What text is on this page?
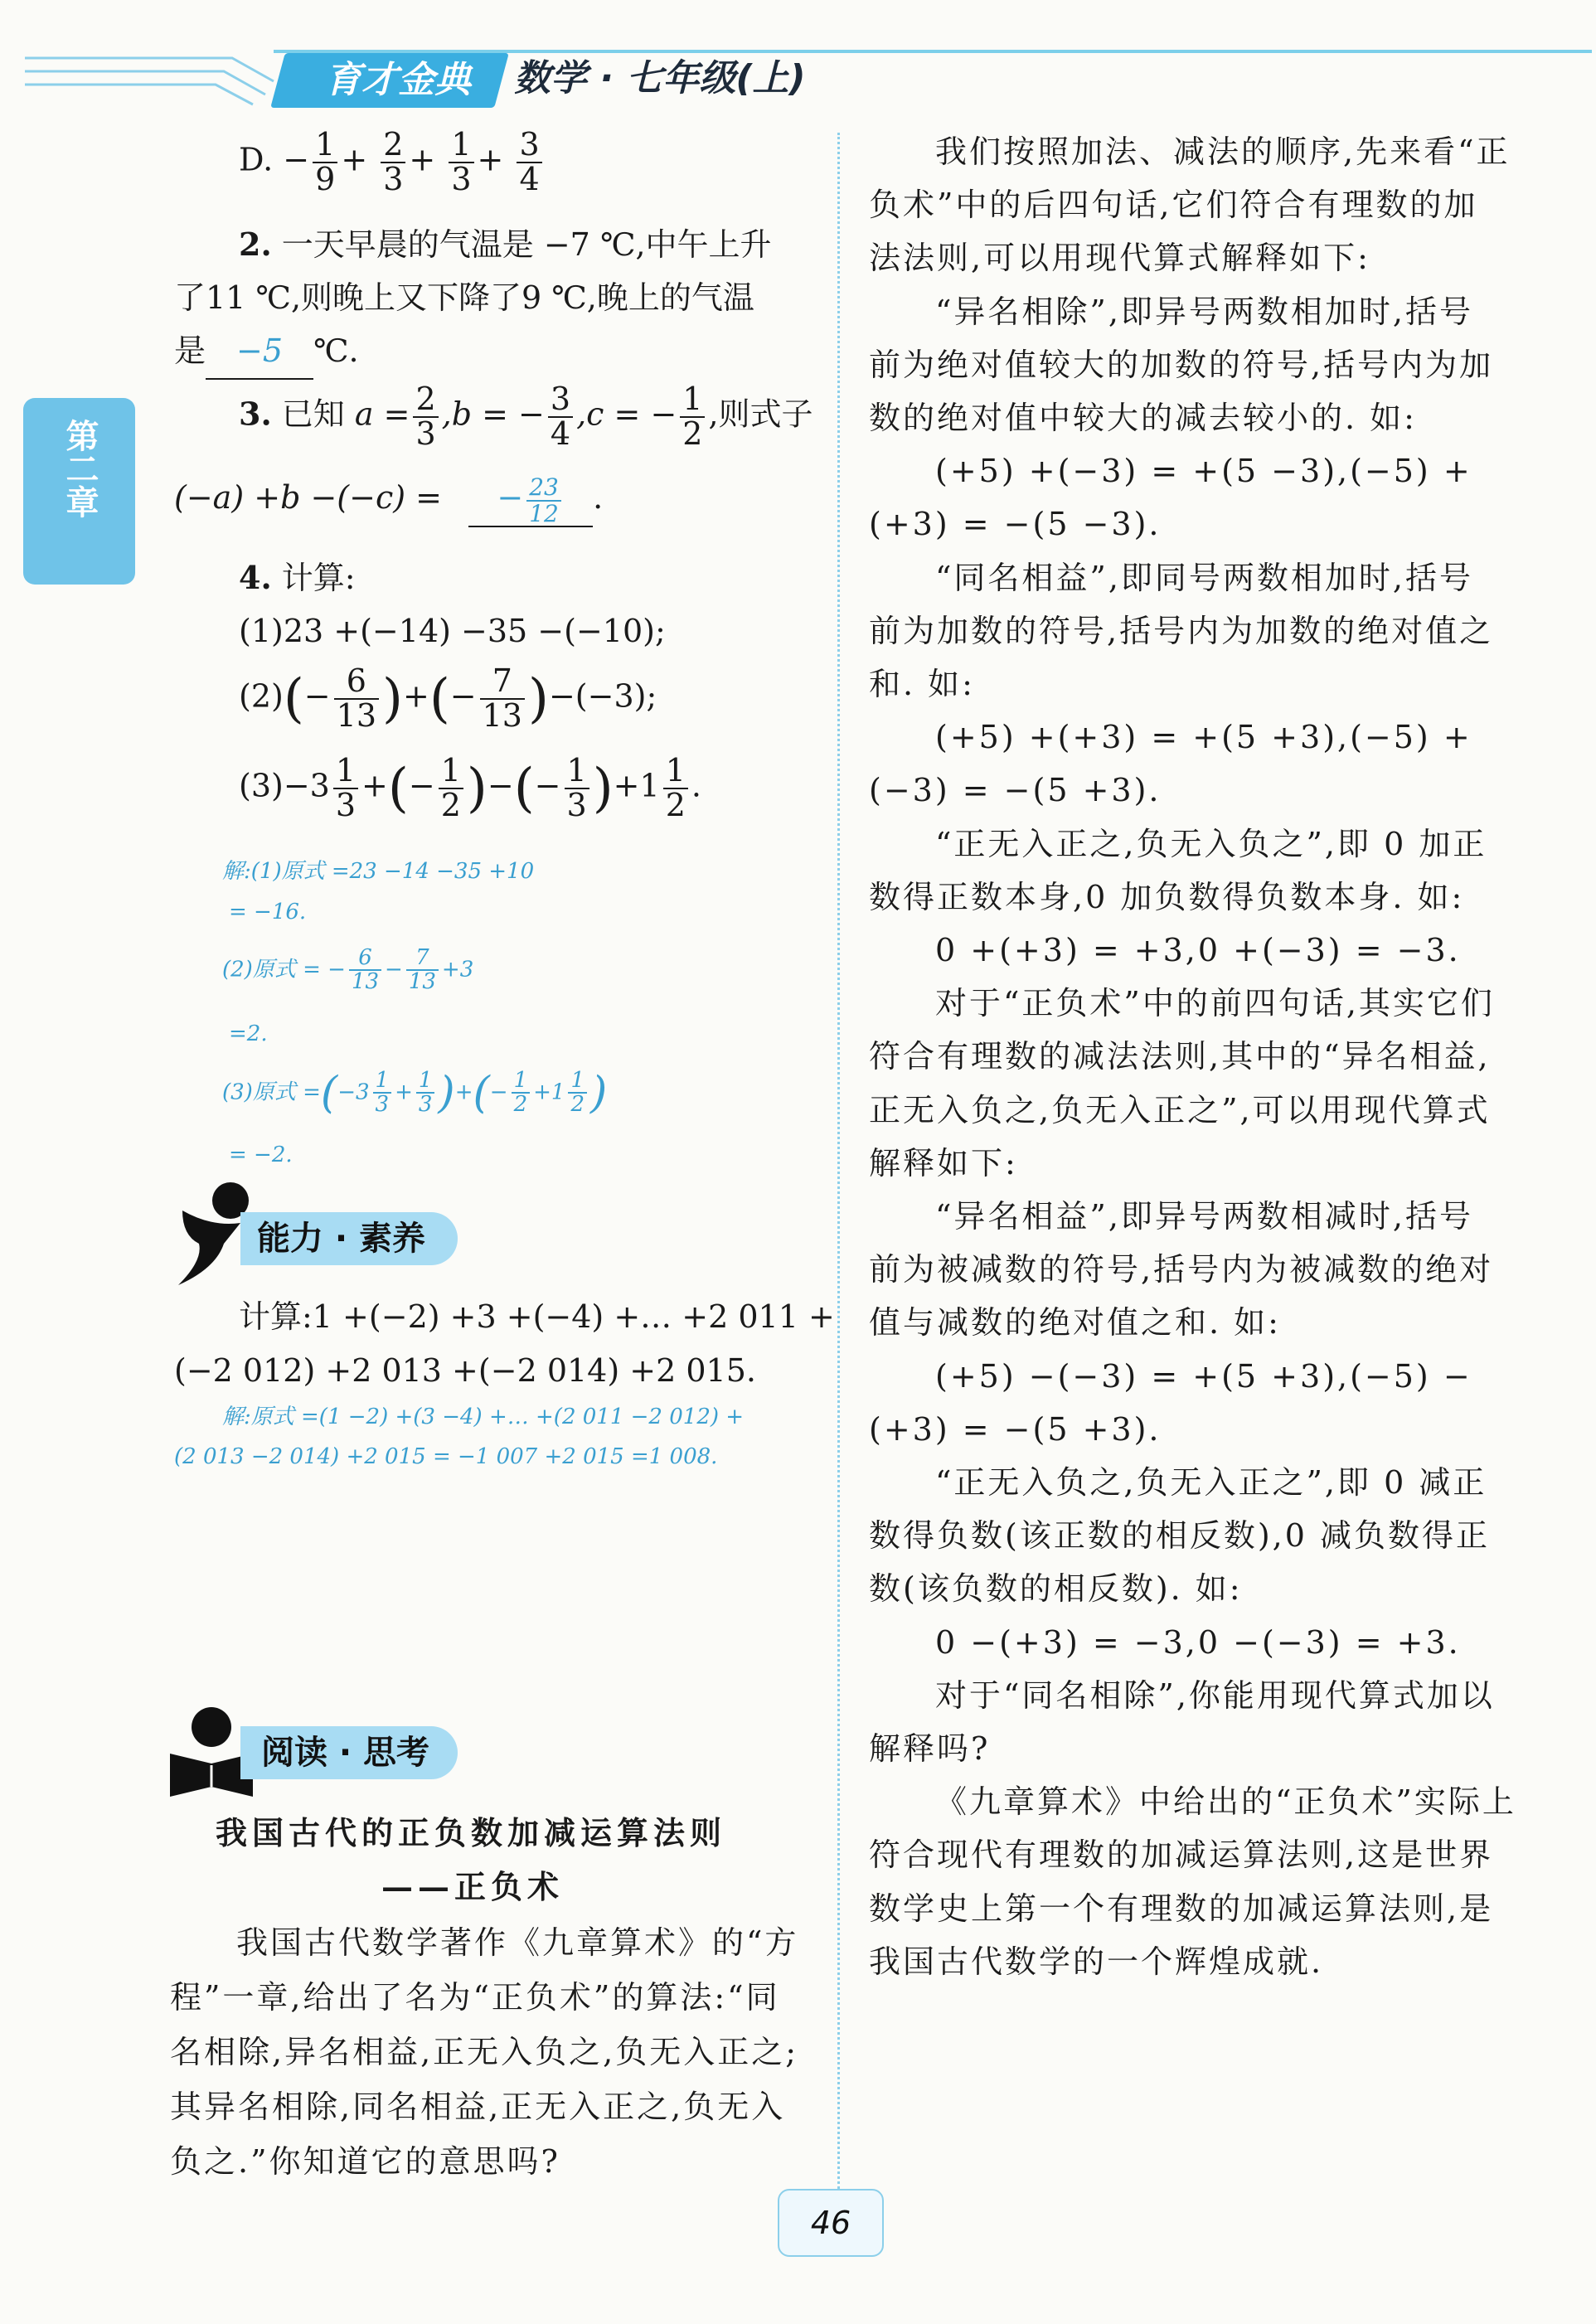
育才金典	数学 · 七年级(上)
第二章
D. − $\frac{1}{9} + \frac{2}{3} + \frac{1}{3} + \frac{3}{4}$
2. 一天早晨的气温是 −7 ℃,中午上升
了11 ℃,则晚上又下降了9 ℃,晚上的气温
是 −5 ℃.
3. 已知 $a = \frac{2}{3} ,b$ = − $\frac{3}{4} ,c$ = − $\frac{1}{2}$ ,则式子
(−a) +b −(−c) = − $\frac{23}{12}$ .
4. 计算:
(1)23 +(−14) −35 −(−10);
$(2)(- \frac{6}{13}$ )+(− $\frac{7}{13} )-(-3)$;
$(3)-3 \frac{1}{3}$ +(− $\frac{1}{2}$ )−(− $\frac{1}{3} )+1 \frac{1}{2}$ .
解:(1)原式 =23 −14 −35 +10
= −16.
(2)原式 = − $\frac{6}{13} - \frac{7}{13} +3$
=2.
(3)原式 $=(-3 \frac{1}{3} + \frac{1}{3}$ )+(− $\frac{1}{2} +1 \frac{1}{2}$ )
= −2.
能力 · 素养
计算:1 +(−2) +3 +(−4) +… +2 011 +
(−2 012) +2 013 +(−2 014) +2 015.
解:原式 =(1 −2) +(3 −4) +… +(2 011 −2 012) +
(2 013 −2 014) +2 015 = −1 007 +2 015 =1 008.
阅读 · 思考
我国古代的正负数加减运算法则
——正负术
我国古代数学著作《九章算术》的“方
程”一章,给出了名为“正负术”的算法:“同
名相除,异名相益,正无入负之,负无入正之;
其异名相除,同名相益,正无入正之,负无入
负之.”你知道它的意思吗?
我们按照加法、减法的顺序,先来看“正
负术”中的后四句话,它们符合有理数的加
法法则,可以用现代算式解释如下:
“异名相除”,即异号两数相加时,括号
前为绝对值较大的加数的符号,括号内为加
数的绝对值中较大的减去较小的. 如:
(+5) +(−3) = +(5 −3),(−5) +
(+3) = −(5 −3).
“同名相益”,即同号两数相加时,括号
前为加数的符号,括号内为加数的绝对值之
和. 如:
(+5) +(+3) = +(5 +3),(−5) +
(−3) = −(5 +3).
“正无入正之,负无入负之”,即 0 加正
数得正数本身,0 加负数得负数本身. 如:
0 +(+3) = +3,0 +(−3) = −3.
对于“正负术”中的前四句话,其实它们
符合有理数的减法法则,其中的“异名相益,
正无入负之,负无入正之”,可以用现代算式
解释如下:
“异名相益”,即异号两数相减时,括号
前为被减数的符号,括号内为被减数的绝对
值与减数的绝对值之和. 如:
(+5) −(−3) = +(5 +3),(−5) −
(+3) = −(5 +3).
“正无入负之,负无入正之”,即 0 减正
数得负数(该正数的相反数),0 减负数得正
数(该负数的相反数). 如:
0 −(+3) = −3,0 −(−3) = +3.
对于“同名相除”,你能用现代算式加以
解释吗?
《九章算术》中给出的“正负术”实际上
符合现代有理数的加减运算法则,这是世界
数学史上第一个有理数的加减运算法则,是
我国古代数学的一个辉煌成就.
46
